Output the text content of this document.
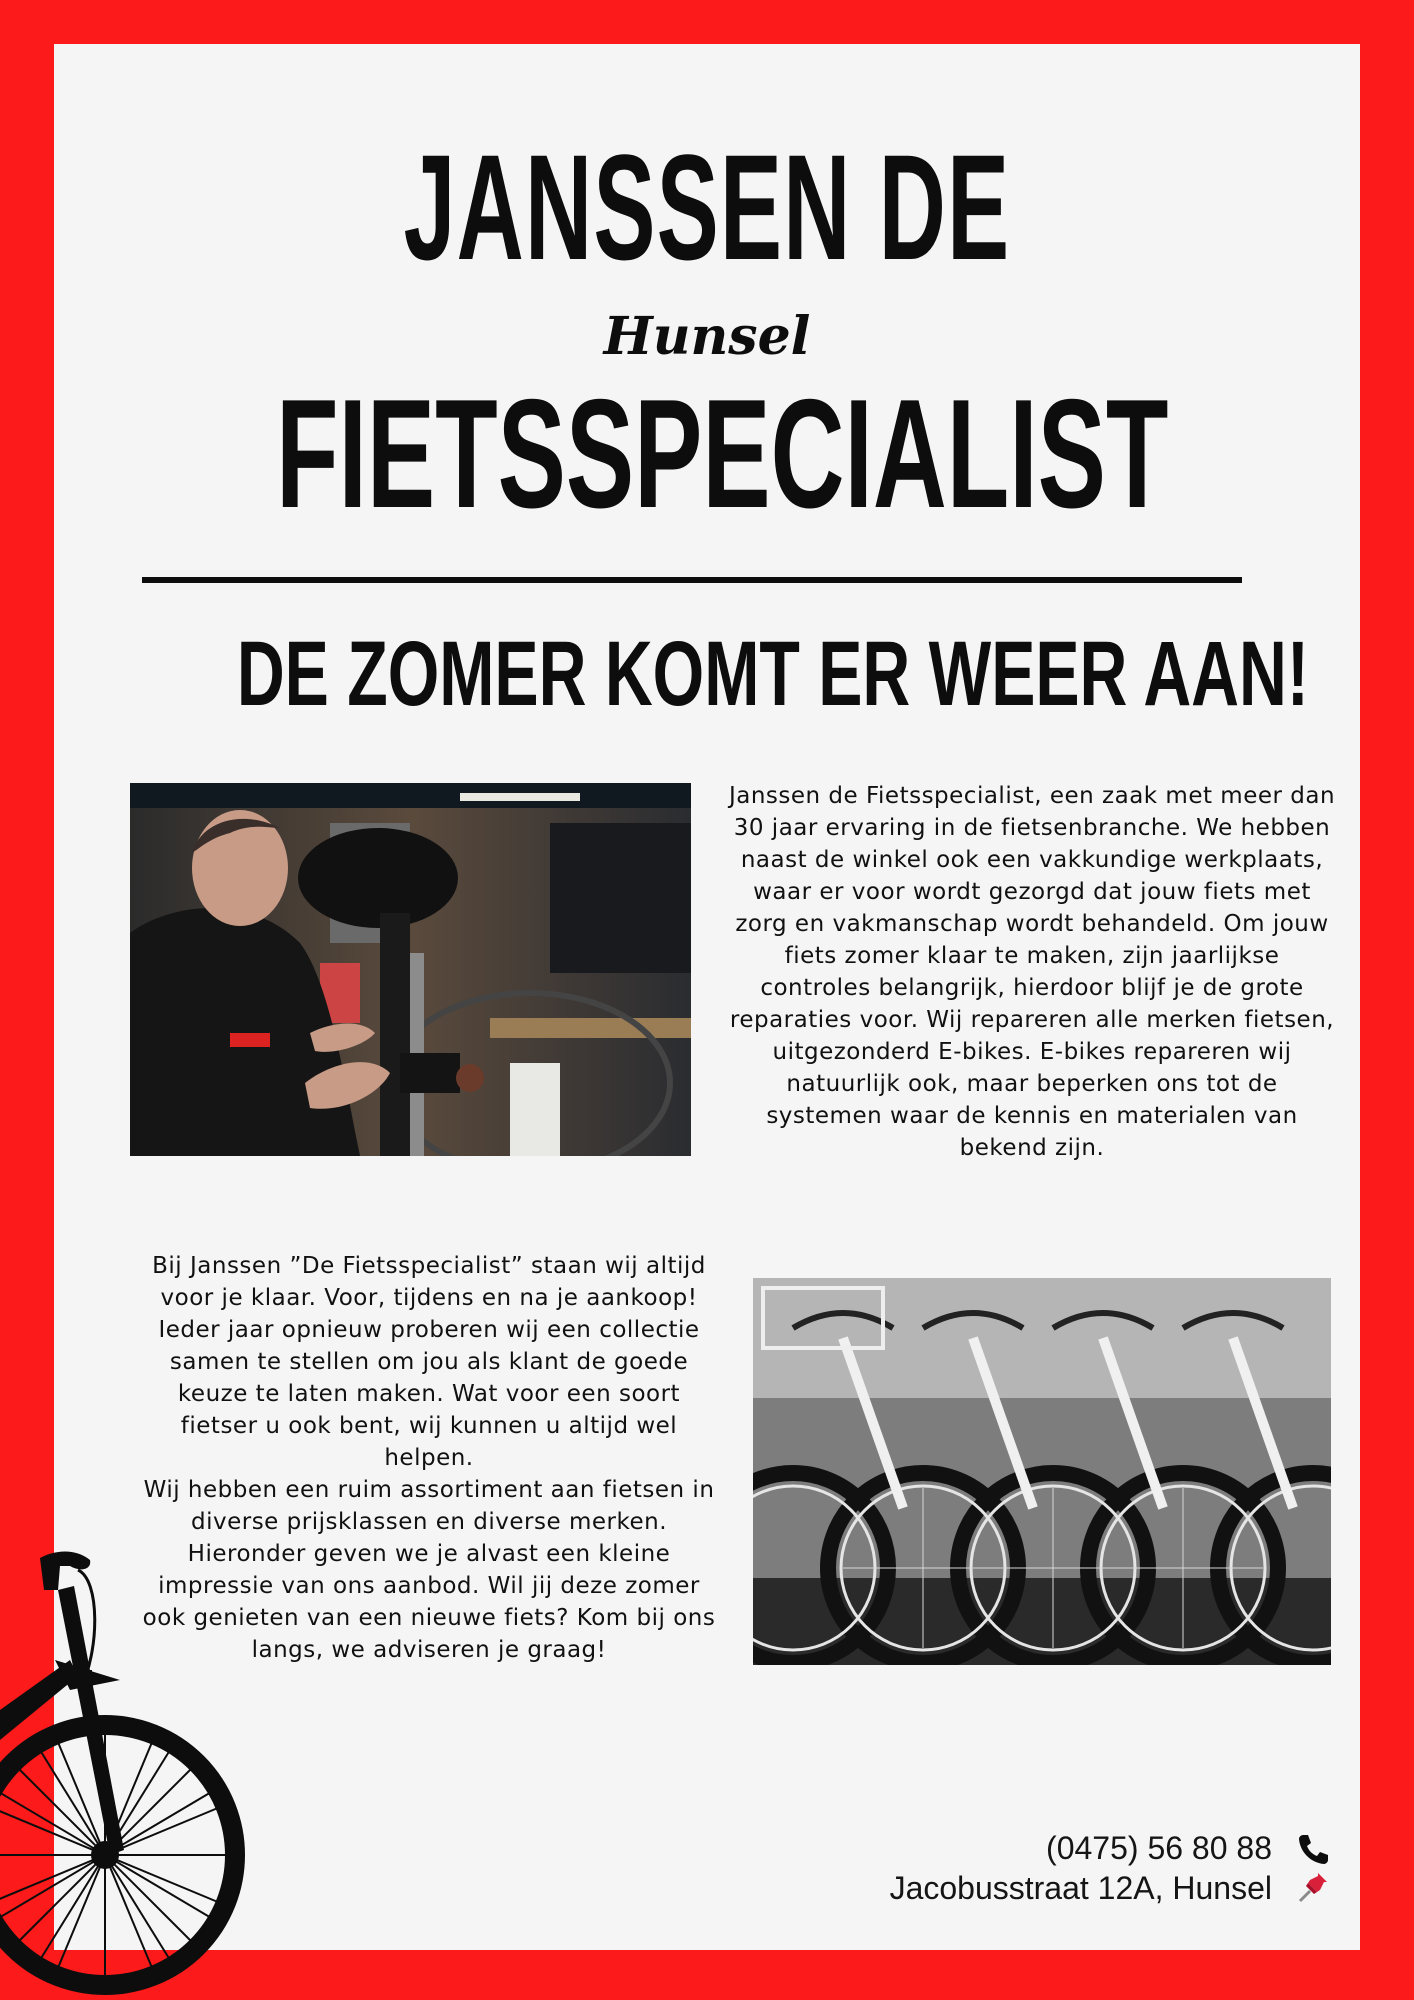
JANSSEN DE
Hunsel
FIETSSPECIALIST
DE ZOMER KOMT ER WEER AAN!
Janssen de Fietsspecialist, een zaak met meer dan 30 jaar ervaring in de fietsenbranche. We hebben naast de winkel ook een vakkundige werkplaats, waar er voor wordt gezorgd dat jouw fiets met zorg en vakmanschap wordt behandeld. Om jouw fiets zomer klaar te maken, zijn jaarlijkse controles belangrijk, hierdoor blijf je de grote reparaties voor. Wij repareren alle merken fietsen, uitgezonderd E-bikes. E-bikes repareren wij natuurlijk ook, maar beperken ons tot de systemen waar de kennis en materialen van bekend zijn.
Bij Janssen ”De Fietsspecialist” staan wij altijd voor je klaar. Voor, tijdens en na je aankoop! Ieder jaar opnieuw proberen wij een collectie samen te stellen om jou als klant de goede keuze te laten maken. Wat voor een soort fietser u ook bent, wij kunnen u altijd wel helpen.
Wij hebben een ruim assortiment aan fietsen in diverse prijsklassen en diverse merken. Hieronder geven we je alvast een kleine impressie van ons aanbod. Wil jij deze zomer ook genieten van een nieuwe fiets? Kom bij ons langs, we adviseren je graag!
(0475) 56 80 88
Jacobusstraat 12A, Hunsel
